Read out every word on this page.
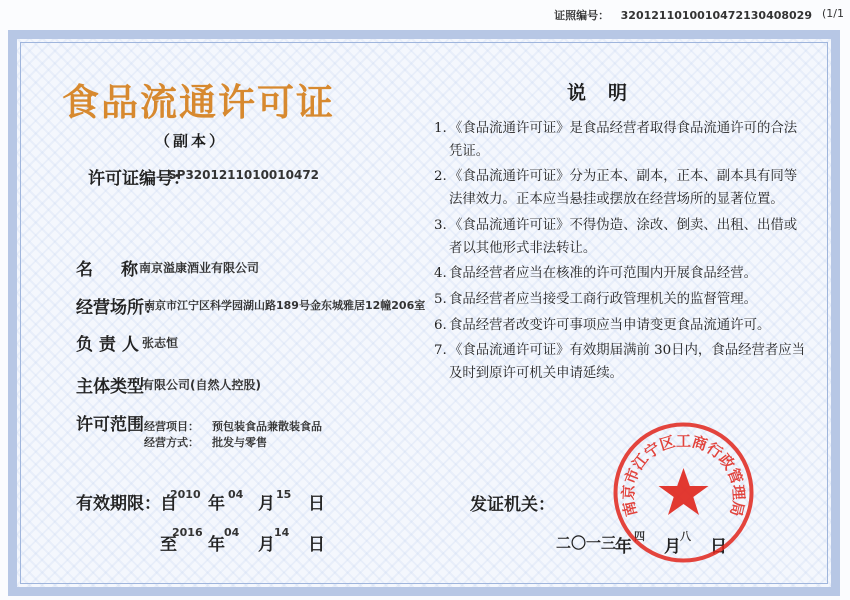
证照编号： 3201211010010472130408029 (1/1
食品流通许可证
（副本）
许可证编号：
SP3201211010010472
名 称 南京溢康酒业有限公司
经营场所：
南京市江宁区科学园湖山路189号金东城雅居12幢206室
负 责 人 张志恒
主体类型
有限公司(自然人控股)
许可范围 经营项目： 预包装食品兼散装食品
经营方式： 批发与零售
有效期限： 自
2010 年 04 月 15 日
至
2016
年
04
月
14
日
说明

1. 《食品流通许可证》是食品经营者取得食品流通许可的合法凭证。

2. 《食品流通许可证》分为正本、副本，正本、副本具有同等法律效力。正本应当悬挂或摆放在经营场所的显著位置。

3. 《食品流通许可证》不得伪造、涂改、倒卖、出租、出借或者以其他形式非法转让。

4. 食品经营者应当在核准的许可范围内开展食品经营。

5. 食品经营者应当接受工商行政管理机关的监督管理。

6. 食品经营者改变许可事项应当申请变更食品流通许可。

7. 《食品流通许可证》有效期届满前 30日内，食品经营者应当及时到原许可机关申请延续。

发证机关：
二〇一三
年
四
月
八
日
南京市江宁区工商行政管理局
